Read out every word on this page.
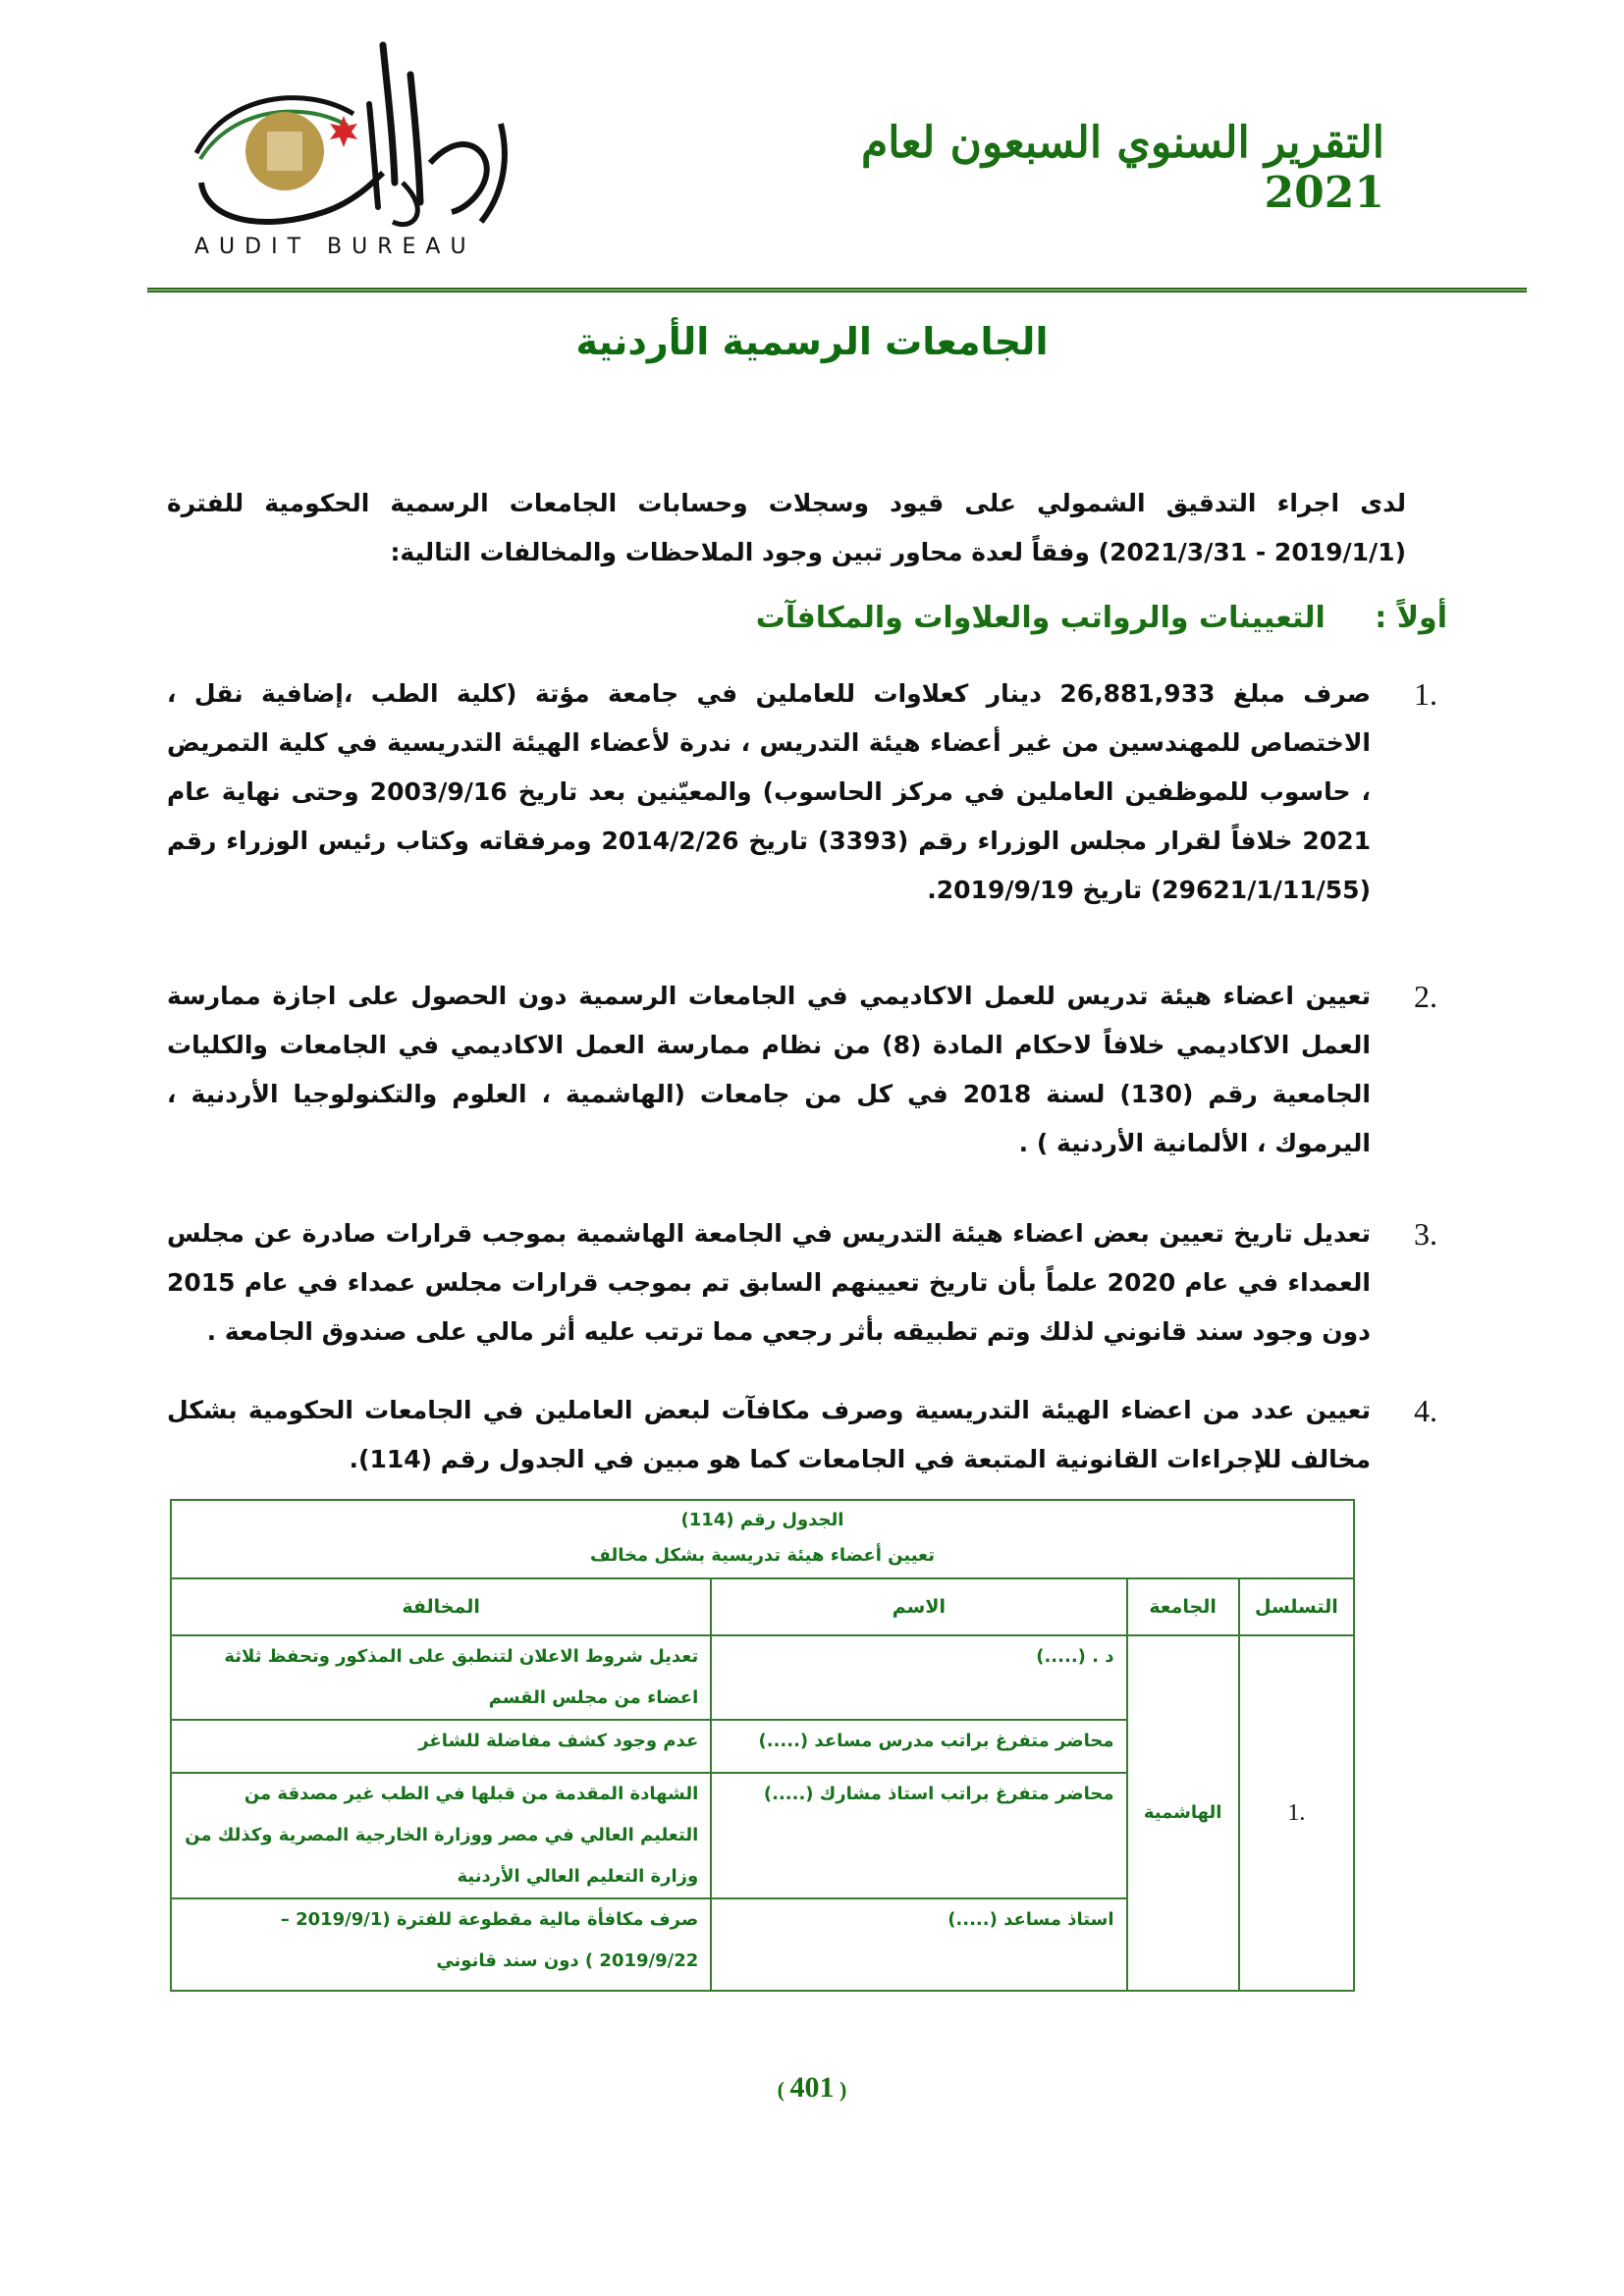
AUDIT BUREAU
التقرير السنوي السبعون لعام 2021
الجامعات الرسمية الأردنية
لدى اجراء التدقيق الشمولي على قيود وسجلات وحسابات الجامعات الرسمية الحكومية للفترة (2019/1/1 - 2021/3/31) وفقاً لعدة محاور تبين وجود الملاحظات والمخالفات التالية:
أولاً : التعيينات والرواتب والعلاوات والمكافآت
1.
صرف مبلغ 26,881,933 دينار كعلاوات للعاملين في جامعة مؤتة (كلية الطب ،إضافية نقل ، الاختصاص للمهندسين من غير أعضاء هيئة التدريس ، ندرة لأعضاء الهيئة التدريسية في كلية التمريض ، حاسوب للموظفين العاملين في مركز الحاسوب) والمعيّنين بعد تاريخ 2003/9/16 وحتى نهاية عام 2021 خلافاً لقرار مجلس الوزراء رقم (3393) تاريخ 2014/2/26 ومرفقاته وكتاب رئيس الوزراء رقم (29621/1/11/55) تاريخ 2019/9/19.
2.
تعيين اعضاء هيئة تدريس للعمل الاكاديمي في الجامعات الرسمية دون الحصول على اجازة ممارسة العمل الاكاديمي خلافاً لاحكام المادة (8) من نظام ممارسة العمل الاكاديمي في الجامعات والكليات الجامعية رقم (130) لسنة 2018 في كل من جامعات (الهاشمية ، العلوم والتكنولوجيا الأردنية ، اليرموك ، الألمانية الأردنية ) .
3.
تعديل تاريخ تعيين بعض اعضاء هيئة التدريس في الجامعة الهاشمية بموجب قرارات صادرة عن مجلس العمداء في عام 2020 علماً بأن تاريخ تعيينهم السابق تم بموجب قرارات مجلس عمداء في عام 2015 دون وجود سند قانوني لذلك وتم تطبيقه بأثر رجعي مما ترتب عليه أثر مالي على صندوق الجامعة .
4.
تعيين عدد من اعضاء الهيئة التدريسية وصرف مكافآت لبعض العاملين في الجامعات الحكومية بشكل مخالف للإجراءات القانونية المتبعة في الجامعات كما هو مبين في الجدول رقم (114).
الجدول رقم (114)
تعيين أعضاء هيئة تدريسية بشكل مخالف			

التسلسل	الجامعة	الاسم	المخالفة
.1	الهاشمية	د . (.....)	تعديل شروط الاعلان لتنطبق على المذكور وتحفظ ثلاثة اعضاء من مجلس القسم
		محاضر متفرغ براتب مدرس مساعد (.....)	عدم وجود كشف مفاضلة للشاغر
		محاضر متفرغ براتب استاذ مشارك (.....)	الشهادة المقدمة من قبلها في الطب غير مصدقة من التعليم العالي في مصر ووزارة الخارجية المصرية وكذلك من وزارة التعليم العالي الأردنية
		استاذ مساعد (.....)	صرف مكافأة مالية مقطوعة للفترة (2019/9/1 – 2019/9/22 ) دون سند قانوني
( 401 )
